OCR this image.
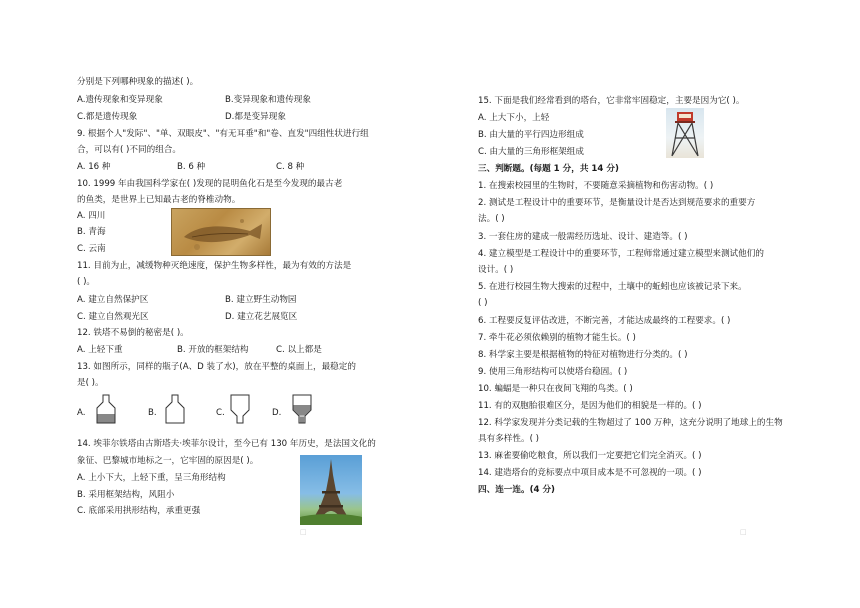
分别是下列哪种现象的描述( )。
A.遗传现象和变异现象	B.变异现象和遗传现象
C.都是遗传现象	D.都是变异现象
9. 根据个人"发际"、"单、双眼皮"、"有无耳垂"和"卷、直发"四组性状进行组
合，可以有( )不同的组合。
A. 16 种	B. 6 种	C. 8 种
10. 1999 年由我国科学家在( )发现的昆明鱼化石是至今发现的最古老
的鱼类，是世界上已知最古老的脊椎动物。
A. 四川
B. 青海
C. 云南
11. 目前为止，减缓物种灭绝速度，保护生物多样性，最为有效的方法是
( )。
A. 建立自然保护区	B. 建立野生动物园
C. 建立自然观光区	D. 建立花艺展览区
12. 铁塔不易倒的秘密是( )。
A. 上轻下重	B. 开放的框架结构	C. 以上都是
13. 如图所示，同样的瓶子(A、D 装了水)，放在平整的桌面上，最稳定的
是( )。
A.	B.	C.	D.
14. 埃菲尔铁塔由古斯塔夫·埃菲尔设计，至今已有 130 年历史，是法国文化的
象征、巴黎城市地标之一，它牢固的原因是( )。
A. 上小下大，上轻下重，呈三角形结构
B. 采用框架结构，风阻小
C. 底部采用拱形结构，承重更强
15. 下面是我们经常看到的塔台，它非常牢固稳定，主要是因为它( )。
A. 上大下小，上轻
B. 由大量的平行四边形组成
C. 由大量的三角形框架组成
三、判断题。(每题 1 分，共 14 分)
1. 在搜索校园里的生物时，不要随意采摘植物和伤害动物。( )
2. 测试是工程设计中的重要环节，是衡量设计是否达到规范要求的重要方
法。( )
3. 一套住房的建成一般需经历选址、设计、建造等。( )
4. 建立模型是工程设计中的重要环节，工程师常通过建立模型来测试他们的
设计。( )
5. 在进行校园生物大搜索的过程中，土壤中的蚯蚓也应该被记录下来。
( )
6. 工程要反复评估改进，不断完善，才能达成最终的工程要求。( )
7. 牵牛花必须依赖别的植物才能生长。( )
8. 科学家主要是根据植物的特征对植物进行分类的。( )
9. 使用三角形结构可以使塔台稳固。( )
10. 蝙蝠是一种只在夜间飞翔的鸟类。( )
11. 有的双胞胎很难区分，是因为他们的相貌是一样的。( )
12. 科学家发现并分类记载的生物超过了 100 万种，这充分说明了地球上的生物
具有多样性。( )
13. 麻雀要偷吃粮食，所以我们一定要把它们完全消灭。( )
14. 建造塔台的竞标要点中项目成本是不可忽视的一项。( )
四、连一连。(4 分)
□	□
